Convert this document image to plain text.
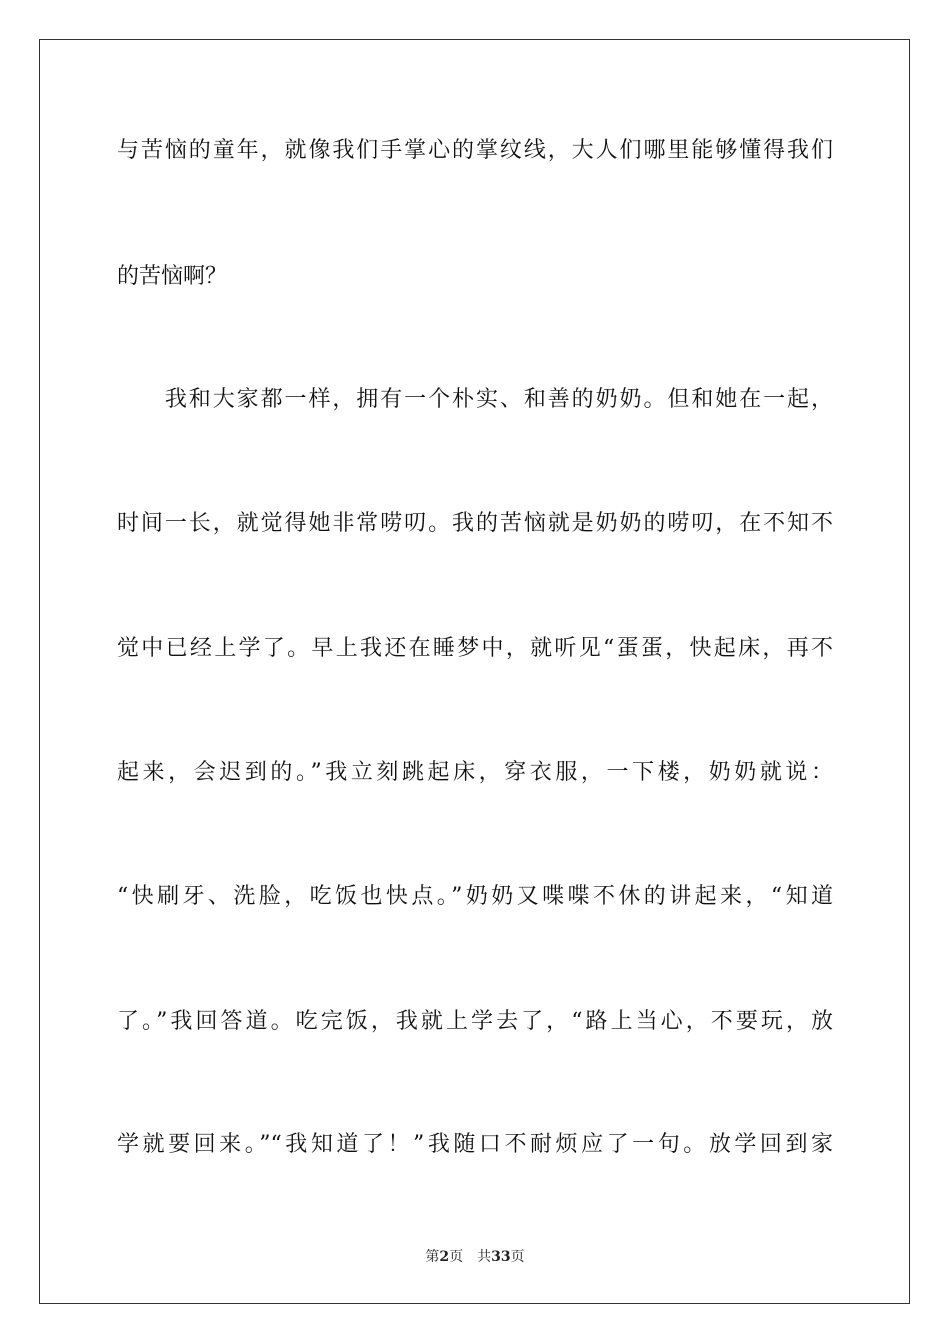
与苦恼的童年，就像我们手掌心的掌纹线，大人们哪里能够懂得我们
的苦恼啊？
　　我和大家都一样，拥有一个朴实、和善的奶奶。但和她在一起，
时间一长，就觉得她非常唠叨。我的苦恼就是奶奶的唠叨，在不知不
觉中已经上学了。早上我还在睡梦中，就听见“蛋蛋，快起床，再不
起来，会迟到的。”我立刻跳起床，穿衣服，一下楼，奶奶就说：
“快刷牙、洗脸，吃饭也快点。”奶奶又喋喋不休的讲起来，“知道
了。”我回答道。吃完饭，我就上学去了，“路上当心，不要玩，放
学就要回来。”“我知道了！”我随口不耐烦应了一句。放学回到家
第2页　 共33页
